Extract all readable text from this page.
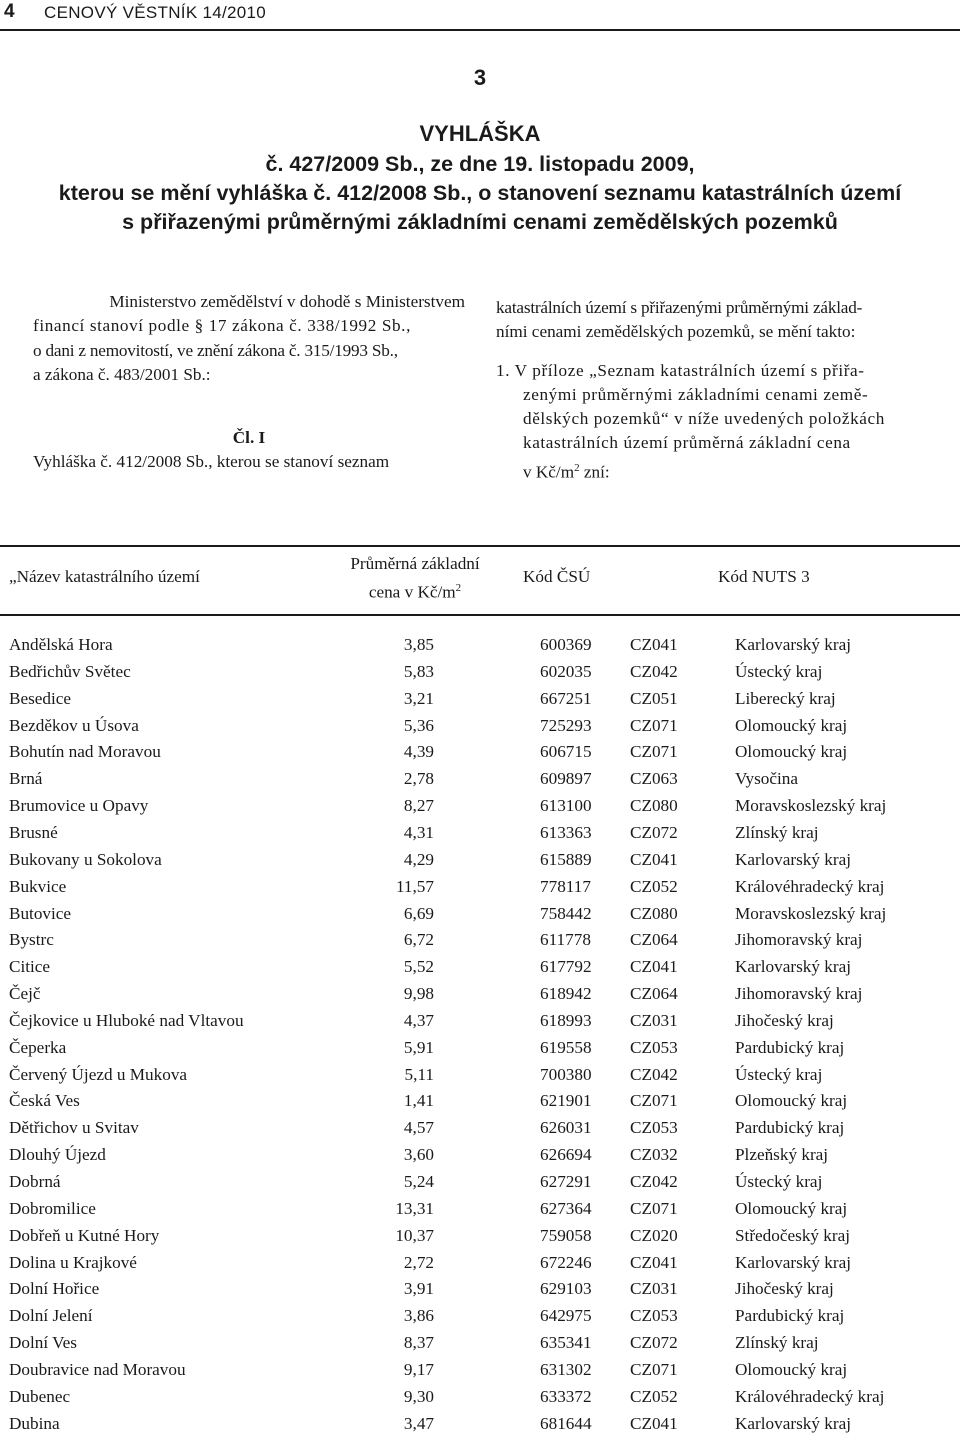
4 CENOVÝ VĚSTNÍK 14/2010
3
VYHLÁŠKA
č. 427/2009 Sb., ze dne 19. listopadu 2009,
kterou se mění vyhláška č. 412/2008 Sb., o stanovení seznamu katastrálních území
s přiřazenými průměrnými základními cenami zemědělských pozemků

Ministerstvo zemědělství v dohodě s Ministerstvem

financí stanoví podle § 17 zákona č. 338/1992 Sb.,

o dani z nemovitostí, ve znění zákona č. 315/1993 Sb.,

a zákona č. 483/2001 Sb.:

Čl. I

Vyhláška č. 412/2008 Sb., kterou se stanoví seznam

katastrálních území s přiřazenými průměrnými základ-

ními cenami zemědělských pozemků, se mění takto:

1. V příloze „Seznam katastrálních území s přiřa-

zenými průměrnými základními cenami země-

dělských pozemků“ v níže uvedených položkách

katastrálních území průměrná základní cena

v $Kč/m^2$ zní:

„Název katastrálního území
Průměrná základní
cena v $Kč/m^2$
Kód ČSÚ	Kód NUTS 3
Andělská Hora	3,85	600369 CZ041	Karlovarský kraj
Bedřichův Světec	5,83	602035 CZ042	Ústecký kraj
Besedice	3,21	667251 CZ051	Liberecký kraj
Bezděkov u Úsova	5,36	725293 CZ071	Olomoucký kraj
Bohutín nad Moravou	4,39	606715 CZ071	Olomoucký kraj
Brná	2,78	609897 CZ063	Vysočina
Brumovice u Opavy	8,27	613100 CZ080	Moravskoslezský kraj
Brusné	4,31	613363 CZ072	Zlínský kraj
Bukovany u Sokolova	4,29	615889 CZ041	Karlovarský kraj
Bukvice	11,57	778117 CZ052	Královéhradecký kraj
Butovice	6,69	758442 CZ080	Moravskoslezský kraj
Bystrc	6,72	611778 CZ064	Jihomoravský kraj
Citice	5,52	617792 CZ041	Karlovarský kraj
Čejč	9,98	618942 CZ064	Jihomoravský kraj
Čejkovice u Hluboké nad Vltavou	4,37	618993 CZ031	Jihočeský kraj
Čeperka	5,91	619558 CZ053	Pardubický kraj
Červený Újezd u Mukova	5,11	700380 CZ042	Ústecký kraj
Česká Ves	1,41	621901 CZ071	Olomoucký kraj
Dětřichov u Svitav	4,57	626031 CZ053	Pardubický kraj
Dlouhý Újezd	3,60	626694 CZ032	Plzeňský kraj
Dobrná	5,24	627291 CZ042	Ústecký kraj
Dobromilice	13,31	627364 CZ071	Olomoucký kraj
Dobřeň u Kutné Hory	10,37	759058 CZ020	Středočeský kraj
Dolina u Krajkové	2,72	672246 CZ041	Karlovarský kraj
Dolní Hořice	3,91	629103 CZ031	Jihočeský kraj
Dolní Jelení	3,86	642975 CZ053	Pardubický kraj
Dolní Ves	8,37	635341 CZ072	Zlínský kraj
Doubravice nad Moravou	9,17	631302 CZ071	Olomoucký kraj
Dubenec	9,30	633372 CZ052	Královéhradecký kraj
Dubina	3,47	681644 CZ041	Karlovarský kraj
